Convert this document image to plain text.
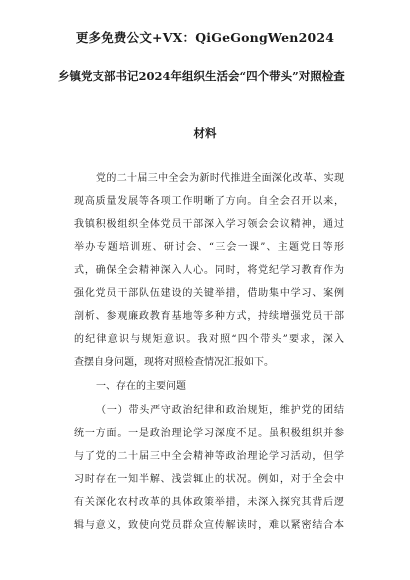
更多免费公文+VX：QiGeGongWen2024
乡镇党支部书记2024年组织生活会“四个带头”对照检查
材料
党的二十届三中全会为新时代推进全面深化改革、实现
现高质量发展等各项工作明晰了方向。自全会召开以来，
我镇积极组织全体党员干部深入学习领会会议精神，通过
举办专题培训班、研讨会、“三会一课”、主题党日等形
式，确保全会精神深入人心。同时，将党纪学习教育作为
强化党员干部队伍建设的关键举措，借助集中学习、案例
剖析、参观廉政教育基地等多种方式，持续增强党员干部
的纪律意识与规矩意识。我对照“四个带头”要求，深入
查摆自身问题，现将对照检查情况汇报如下。
一、存在的主要问题
（一）带头严守政治纪律和政治规矩，维护党的团结
统一方面。一是政治理论学习深度不足。虽积极组织并参
与了党的二十届三中全会精神等政治理论学习活动，但学
习时存在一知半解、浅尝辄止的状况。例如，对于全会中
有关深化农村改革的具体政策举措，未深入探究其背后逻
辑与意义，致使向党员群众宣传解读时，难以紧密结合本
